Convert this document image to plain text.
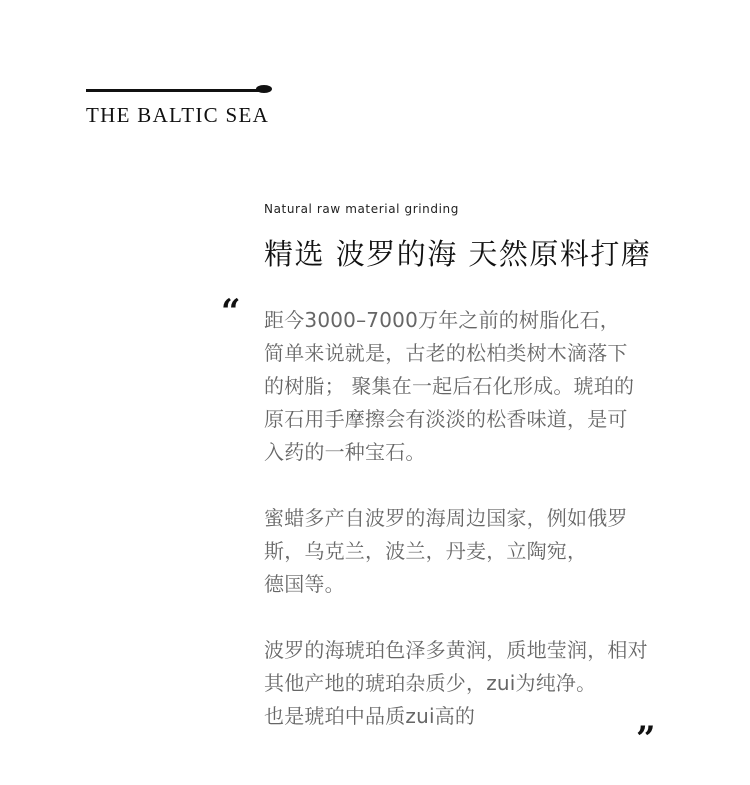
THE BALTIC SEA
Natural raw material grinding
精选 波罗的海 天然原料打磨
“ 距今3000–7000万年之前的树脂化石，
简单来说就是，古老的松柏类树木滴落下
的树脂； 聚集在一起后石化形成。琥珀的
原石用手摩擦会有淡淡的松香味道，是可
入药的一种宝石。
蜜蜡多产自波罗的海周边国家，例如俄罗
斯，乌克兰，波兰，丹麦，立陶宛，
德国等。
波罗的海琥珀色泽多黄润，质地莹润，相对
其他产地的琥珀杂质少，zui为纯净。
也是琥珀中品质zui高的
”
